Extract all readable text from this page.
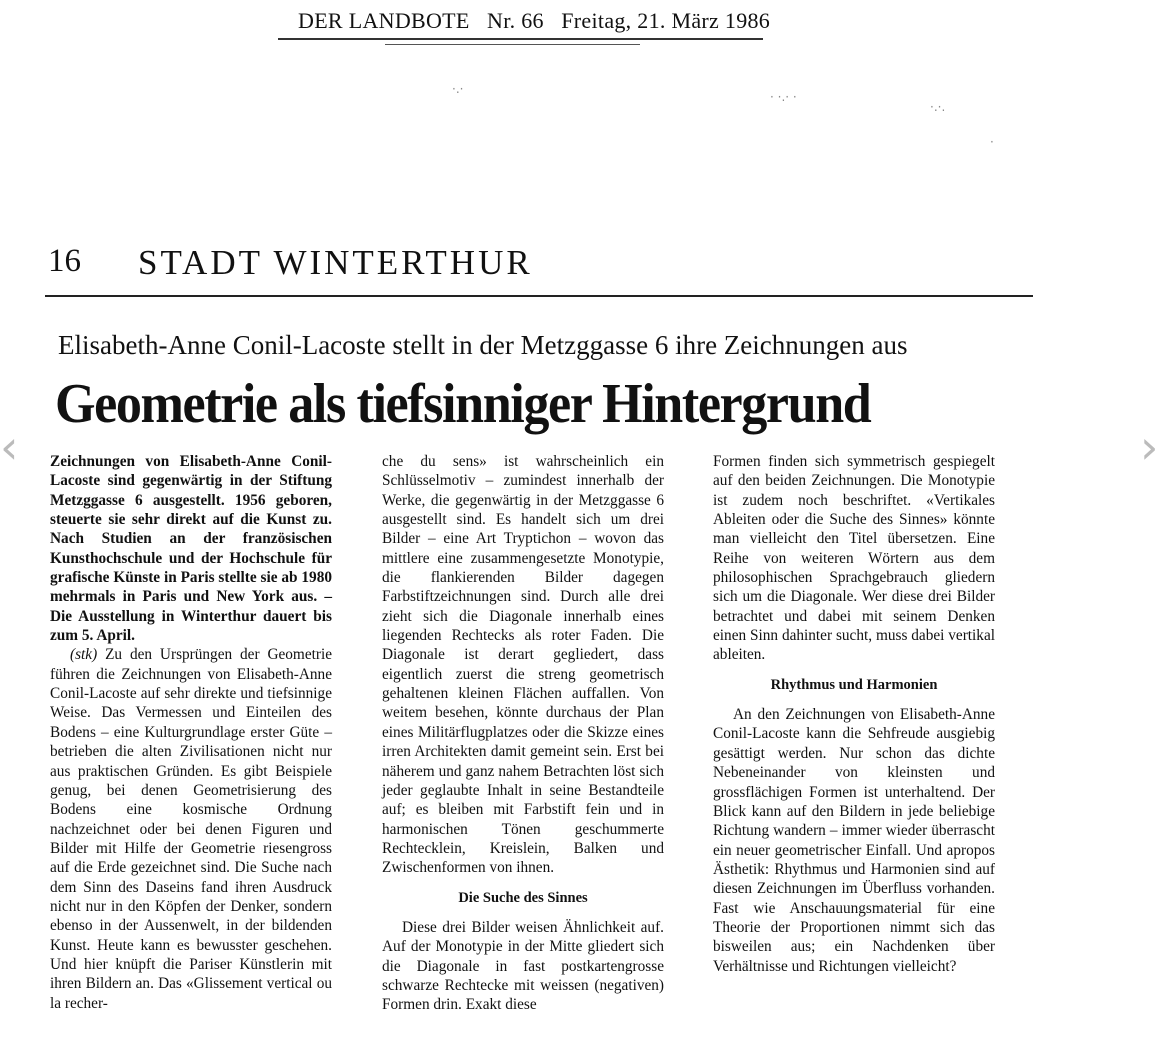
DER LANDBOTE Nr. 66 Freitag, 21. März 1986
·.·
· ·.· ·
·.·.
·
16 STADT WINTERTHUR
Elisabeth-Anne Conil-Lacoste stellt in der Metzggasse 6 ihre Zeichnungen aus
Geometrie als tiefsinniger Hintergrund

Zeichnungen von Elisabeth-Anne Conil-Lacoste sind gegenwärtig in der Stiftung Metzggasse 6 ausgestellt. 1956 geboren, steuerte sie sehr direkt auf die Kunst zu. Nach Studien an der französischen Kunsthochschule und der Hochschule für grafische Künste in Paris stellte sie ab 1980 mehrmals in Paris und New York aus. – Die Ausstellung in Winterthur dauert bis zum 5. April.

(stk) Zu den Ursprüngen der Geometrie führen die Zeichnungen von Elisabeth-Anne Conil-Lacoste auf sehr direkte und tiefsinnige Weise. Das Vermessen und Einteilen des Bodens – eine Kulturgrundlage erster Güte – betrieben die alten Zivilisationen nicht nur aus praktischen Gründen. Es gibt Beispiele genug, bei denen Geometrisierung des Bodens eine kosmische Ordnung nachzeichnet oder bei denen Figuren und Bilder mit Hilfe der Geometrie riesengross auf die Erde gezeichnet sind. Die Suche nach dem Sinn des Daseins fand ihren Ausdruck nicht nur in den Köpfen der Denker, sondern ebenso in der Aussenwelt, in der bildenden Kunst. Heute kann es bewusster geschehen. Und hier knüpft die Pariser Künstlerin mit ihren Bildern an. Das «Glissement vertical ou la recher-

che du sens» ist wahrscheinlich ein Schlüsselmotiv – zumindest innerhalb der Werke, die gegenwärtig in der Metzggasse 6 ausgestellt sind. Es handelt sich um drei Bilder – eine Art Tryptichon – wovon das mittlere eine zusammengesetzte Monotypie, die flankierenden Bilder dagegen Farbstiftzeichnungen sind. Durch alle drei zieht sich die Diagonale innerhalb eines liegenden Rechtecks als roter Faden. Die Diagonale ist derart gegliedert, dass eigentlich zuerst die streng geometrisch gehaltenen kleinen Flächen auffallen. Von weitem besehen, könnte durchaus der Plan eines Militärflugplatzes oder die Skizze eines irren Architekten damit gemeint sein. Erst bei näherem und ganz nahem Betrachten löst sich jeder geglaubte Inhalt in seine Bestandteile auf; es bleiben mit Farbstift fein und in harmonischen Tönen geschummerte Rechtecklein, Kreislein, Balken und Zwischenformen von ihnen.

Die Suche des Sinnes

Diese drei Bilder weisen Ähnlichkeit auf. Auf der Monotypie in der Mitte gliedert sich die Diagonale in fast postkartengrosse schwarze Rechtecke mit weissen (negativen) Formen drin. Exakt diese

Formen finden sich symmetrisch gespiegelt auf den beiden Zeichnungen. Die Monotypie ist zudem noch beschriftet. «Vertikales Ableiten oder die Suche des Sinnes» könnte man vielleicht den Titel übersetzen. Eine Reihe von weiteren Wörtern aus dem philosophischen Sprachgebrauch gliedern sich um die Diagonale. Wer diese drei Bilder betrachtet und dabei mit seinem Denken einen Sinn dahinter sucht, muss dabei vertikal ableiten.

Rhythmus und Harmonien

An den Zeichnungen von Elisabeth-Anne Conil-Lacoste kann die Sehfreude ausgiebig gesättigt werden. Nur schon das dichte Nebeneinander von kleinsten und grossflächigen Formen ist unterhaltend. Der Blick kann auf den Bildern in jede beliebige Richtung wandern – immer wieder überrascht ein neuer geometrischer Einfall. Und apropos Ästhetik: Rhythmus und Harmonien sind auf diesen Zeichnungen im Überfluss vorhanden. Fast wie Anschauungsmaterial für eine Theorie der Proportionen nimmt sich das bisweilen aus; ein Nachdenken über Verhältnisse und Richtungen vielleicht?

‹	›
